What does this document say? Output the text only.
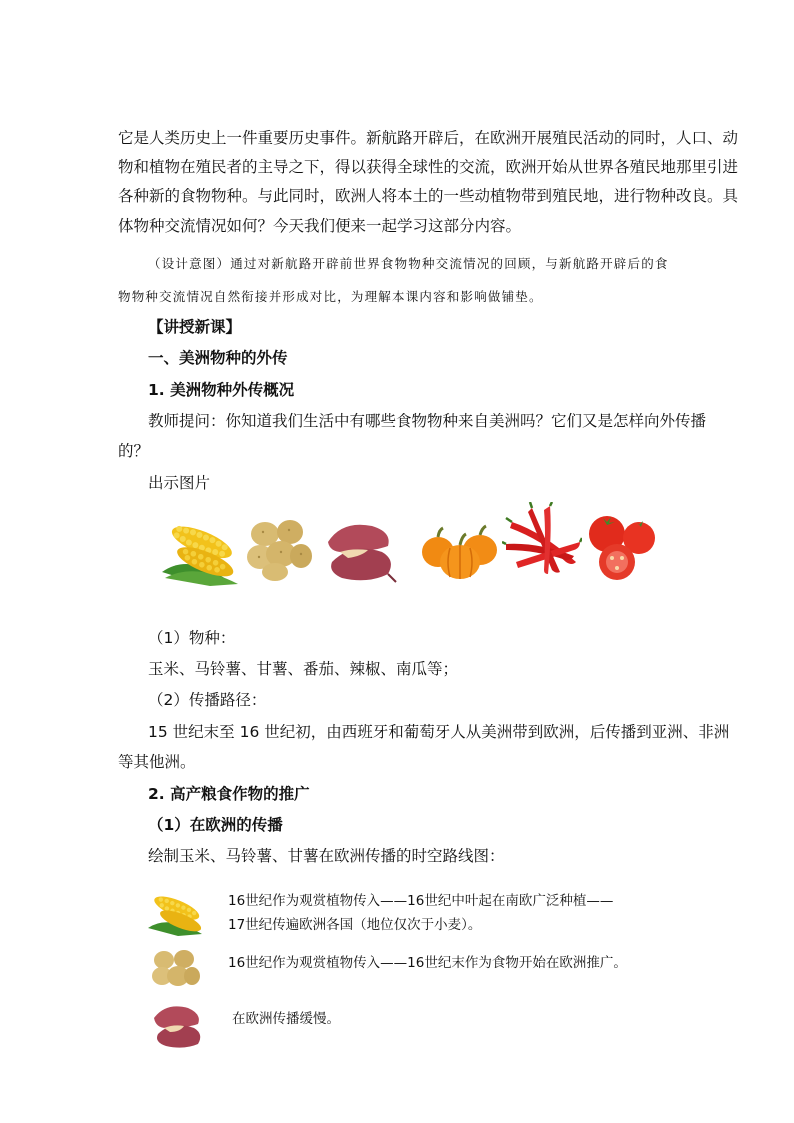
它是人类历史上一件重要历史事件。新航路开辟后，在欧洲开展殖民活动的同时，人口、动
物和植物在殖民者的主导之下，得以获得全球性的交流，欧洲开始从世界各殖民地那里引进
各种新的食物物种。与此同时，欧洲人将本土的一些动植物带到殖民地，进行物种改良。具
体物种交流情况如何？今天我们便来一起学习这部分内容。
（设计意图）通过对新航路开辟前世界食物物种交流情况的回顾，与新航路开辟后的食
物物种交流情况自然衔接并形成对比，为理解本课内容和影响做铺垫。
【讲授新课】
一、美洲物种的外传
1. 美洲物种外传概况
教师提问：你知道我们生活中有哪些食物物种来自美洲吗？它们又是怎样向外传播
的？
出示图片
（1）物种：
玉米、马铃薯、甘薯、番茄、辣椒、南瓜等；
（2）传播路径：
15 世纪末至 16 世纪初，由西班牙和葡萄牙人从美洲带到欧洲，后传播到亚洲、非洲
等其他洲。
2. 高产粮食作物的推广
（1）在欧洲的传播
绘制玉米、马铃薯、甘薯在欧洲传播的时空路线图：
16世纪作为观赏植物传入——16世纪中叶起在南欧广泛种植——
17世纪传遍欧洲各国（地位仅次于小麦）。
16世纪作为观赏植物传入——16世纪末作为食物开始在欧洲推广。
在欧洲传播缓慢。
